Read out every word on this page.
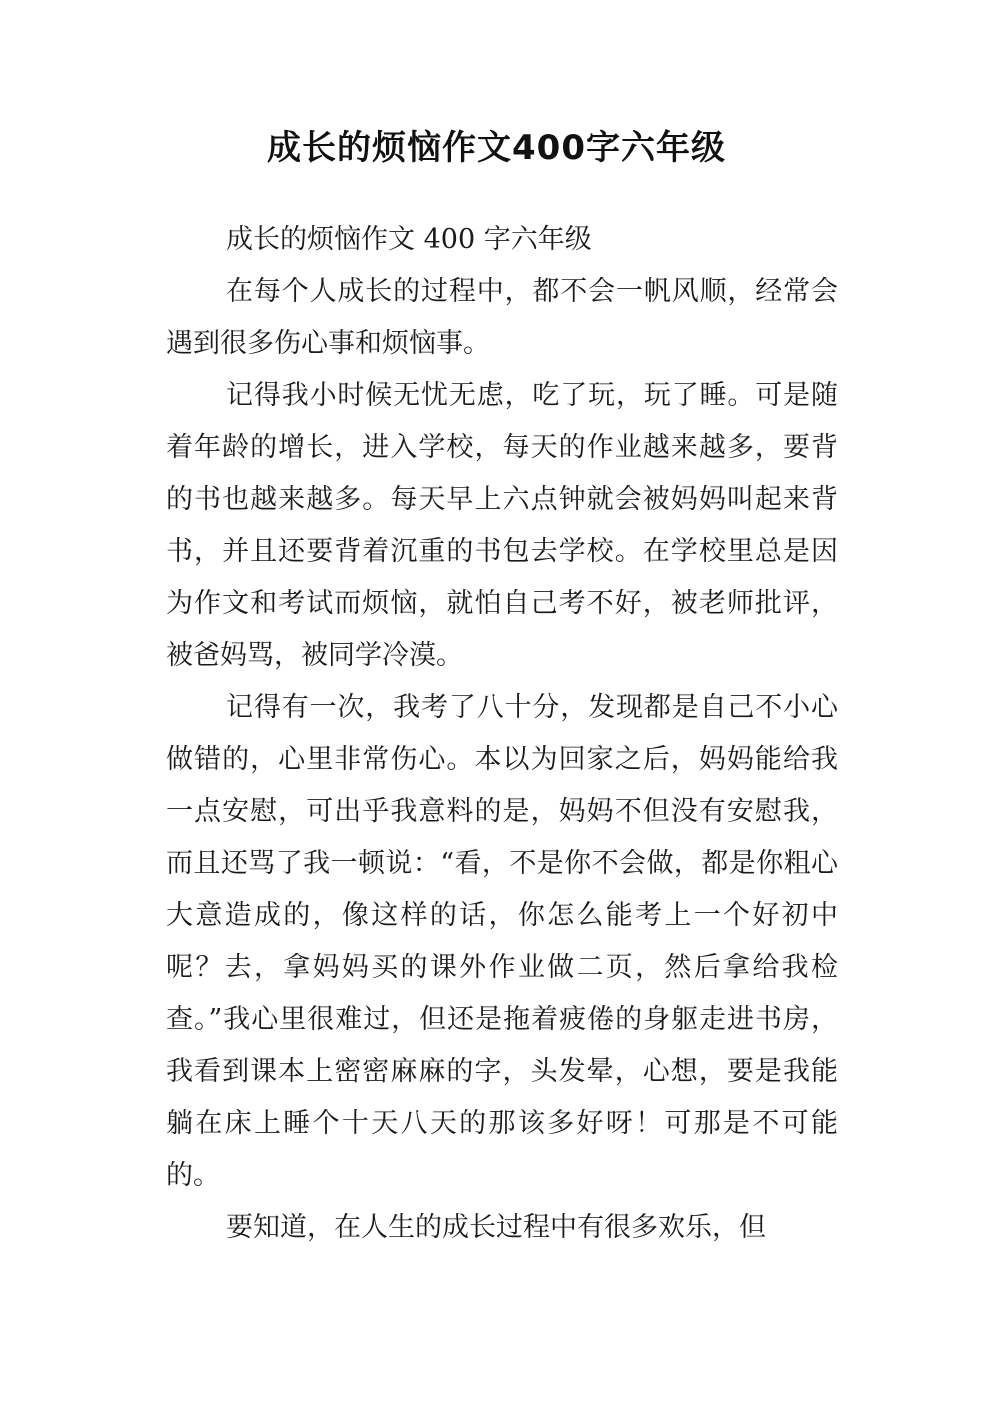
成长的烦恼作文400字六年级

成长的烦恼作文 400 字六年级

在每个人成长的过程中，都不会一帆风顺，经常会遇到很多伤心事和烦恼事。

记得我小时候无忧无虑，吃了玩，玩了睡。可是随着年龄的增长，进入学校，每天的作业越来越多，要背的书也越来越多。每天早上六点钟就会被妈妈叫起来背书，并且还要背着沉重的书包去学校。在学校里总是因为作文和考试而烦恼，就怕自己考不好，被老师批评，被爸妈骂，被同学冷漠。

记得有一次，我考了八十分，发现都是自己不小心做错的，心里非常伤心。本以为回家之后，妈妈能给我一点安慰，可出乎我意料的是，妈妈不但没有安慰我，而且还骂了我一顿说：“看，不是你不会做，都是你粗心大意造成的，像这样的话，你怎么能考上一个好初中呢？去，拿妈妈买的课外作业做二页，然后拿给我检查。”我心里很难过，但还是拖着疲倦的身躯走进书房，我看到课本上密密麻麻的字，头发晕，心想，要是我能躺在床上睡个十天八天的那该多好呀！可那是不可能的。

要知道，在人生的成长过程中有很多欢乐，但
